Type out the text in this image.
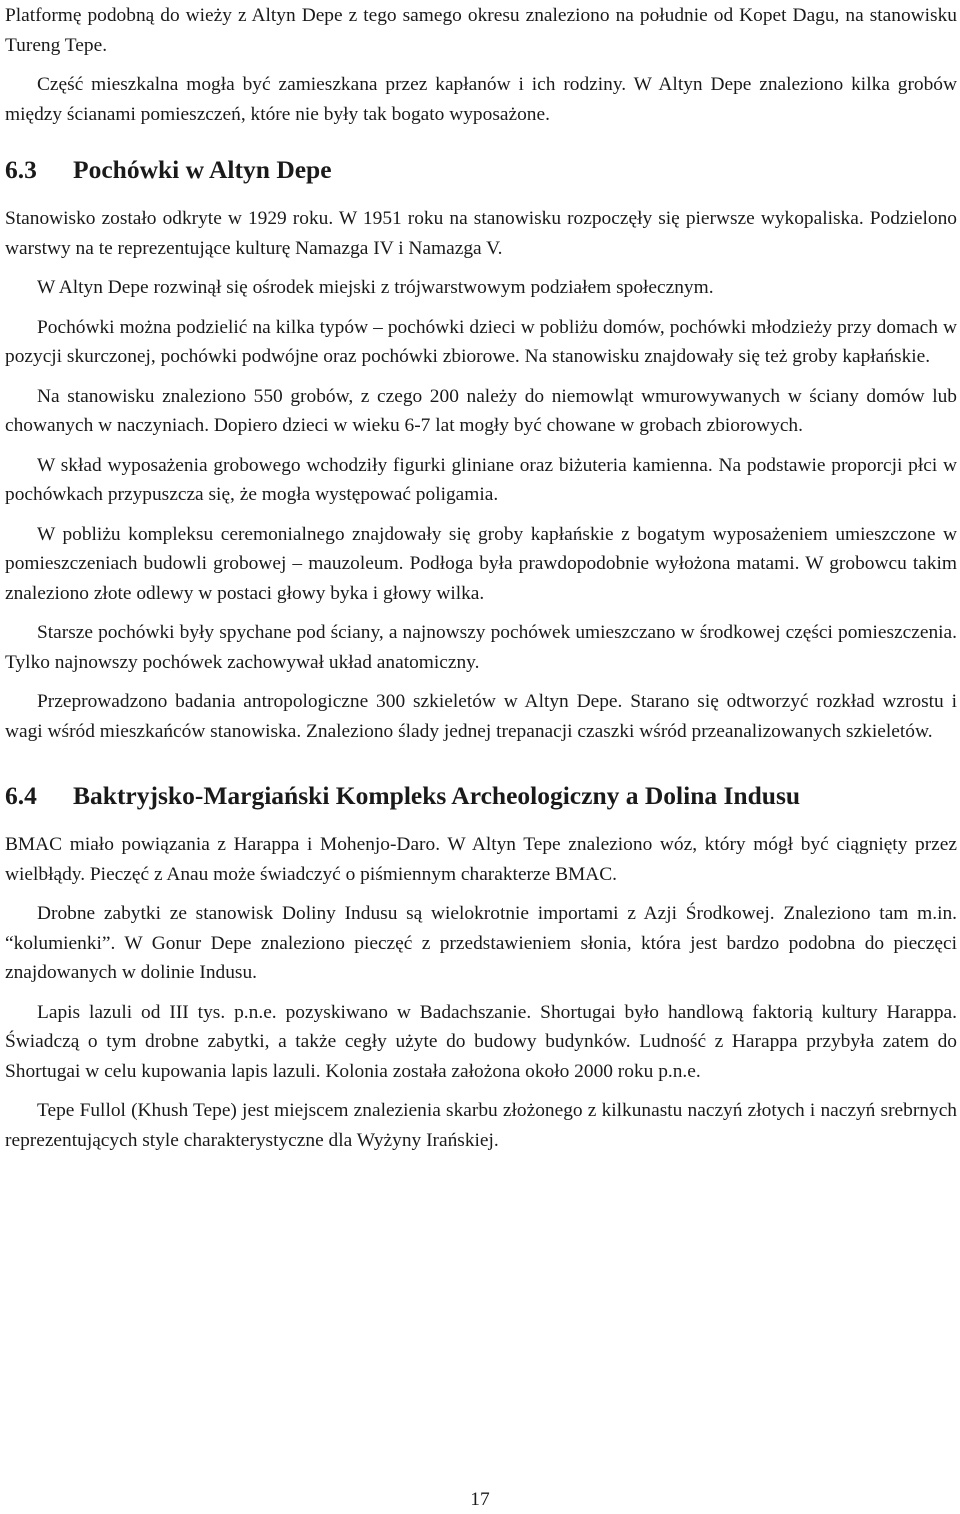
Platformę podobną do wieży z Altyn Depe z tego samego okresu znaleziono na południe od Kopet Dagu, na stanowisku Tureng Tepe.

Część mieszkalna mogła być zamieszkana przez kapłanów i ich rodziny. W Altyn Depe znaleziono kilka grobów między ścianami pomieszczeń, które nie były tak bogato wyposażone.

6.3 Pochówki w Altyn Depe

Stanowisko zostało odkryte w 1929 roku. W 1951 roku na stanowisku rozpoczęły się pierwsze wykopaliska. Podzielono warstwy na te reprezentujące kulturę Namazga IV i Namazga V.

W Altyn Depe rozwinął się ośrodek miejski z trójwarstwowym podziałem społecznym.

Pochówki można podzielić na kilka typów – pochówki dzieci w pobliżu domów, pochówki młodzieży przy domach w pozycji skurczonej, pochówki podwójne oraz pochówki zbiorowe. Na stanowisku znajdowały się też groby kapłańskie.

Na stanowisku znaleziono 550 grobów, z czego 200 należy do niemowląt wmurowywanych w ściany domów lub chowanych w naczyniach. Dopiero dzieci w wieku 6-7 lat mogły być chowane w grobach zbiorowych.

W skład wyposażenia grobowego wchodziły figurki gliniane oraz biżuteria kamienna. Na podstawie proporcji płci w pochówkach przypuszcza się, że mogła występować poligamia.

W pobliżu kompleksu ceremonialnego znajdowały się groby kapłańskie z bogatym wyposażeniem umieszczone w pomieszczeniach budowli grobowej – mauzoleum. Podłoga była prawdopodobnie wyłożona matami. W grobowcu takim znaleziono złote odlewy w postaci głowy byka i głowy wilka.

Starsze pochówki były spychane pod ściany, a najnowszy pochówek umieszczano w środkowej części pomieszczenia. Tylko najnowszy pochówek zachowywał układ anatomiczny.

Przeprowadzono badania antropologiczne 300 szkieletów w Altyn Depe. Starano się odtworzyć rozkład wzrostu i wagi wśród mieszkańców stanowiska. Znaleziono ślady jednej trepanacji czaszki wśród przeanalizowanych szkieletów.

6.4 Baktryjsko-Margiański Kompleks Archeologiczny a Dolina Indusu

BMAC miało powiązania z Harappa i Mohenjo-Daro. W Altyn Tepe znaleziono wóz, który mógł być ciągnięty przez wielbłądy. Pieczęć z Anau może świadczyć o piśmiennym charakterze BMAC.

Drobne zabytki ze stanowisk Doliny Indusu są wielokrotnie importami z Azji Środkowej. Znaleziono tam m.in. “kolumienki”. W Gonur Depe znaleziono pieczęć z przedstawieniem słonia, która jest bardzo podobna do pieczęci znajdowanych w dolinie Indusu.

Lapis lazuli od III tys. p.n.e. pozyskiwano w Badachszanie. Shortugai było handlową faktorią kultury Harappa. Świadczą o tym drobne zabytki, a także cegły użyte do budowy budynków. Ludność z Harappa przybyła zatem do Shortugai w celu kupowania lapis lazuli. Kolonia została założona około 2000 roku p.n.e.

Tepe Fullol (Khush Tepe) jest miejscem znalezienia skarbu złożonego z kilkunastu naczyń złotych i naczyń srebrnych reprezentujących style charakterystyczne dla Wyżyny Irańskiej.

17
